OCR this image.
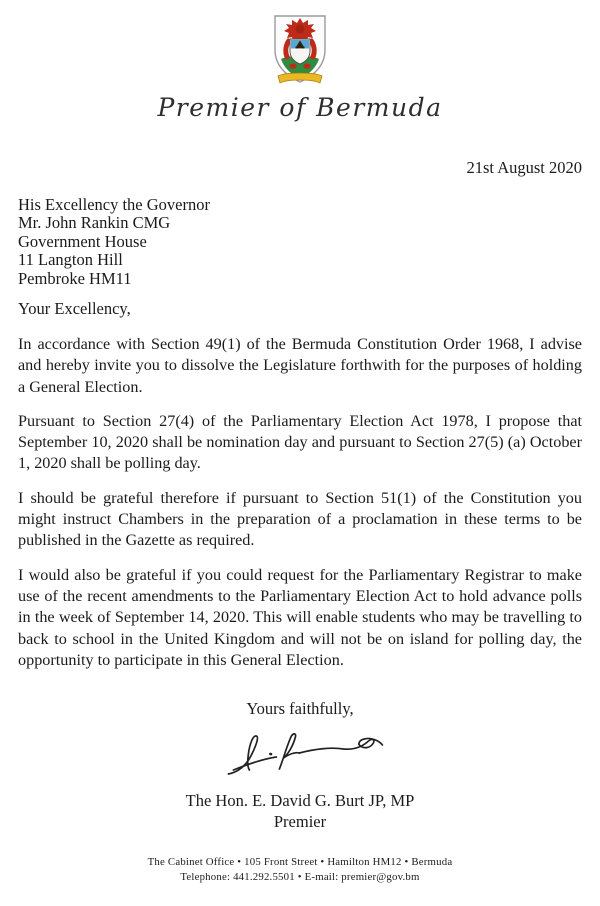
Premier of Bermuda
21st August 2020
His Excellency the Governor
Mr. John Rankin CMG
Government House
11 Langton Hill
Pembroke HM11

Your Excellency,

In accordance with Section 49(1) of the Bermuda Constitution Order 1968, I advise and hereby invite you to dissolve the Legislature forthwith for the purposes of holding a General Election.

Pursuant to Section 27(4) of the Parliamentary Election Act 1978, I propose that September 10, 2020 shall be nomination day and pursuant to Section 27(5) (a) October 1, 2020 shall be polling day.

I should be grateful therefore if pursuant to Section 51(1) of the Constitution you might instruct Chambers in the preparation of a proclamation in these terms to be published in the Gazette as required.

I would also be grateful if you could request for the Parliamentary Registrar to make use of the recent amendments to the Parliamentary Election Act to hold advance polls in the week of September 14, 2020. This will enable students who may be travelling to back to school in the United Kingdom and will not be on island for polling day, the opportunity to participate in this General Election.

Yours faithfully,
The Hon. E. David G. Burt JP, MP
Premier
The Cabinet Office • 105 Front Street • Hamilton HM12 • Bermuda
Telephone: 441.292.5501 • E-mail: premier@gov.bm
